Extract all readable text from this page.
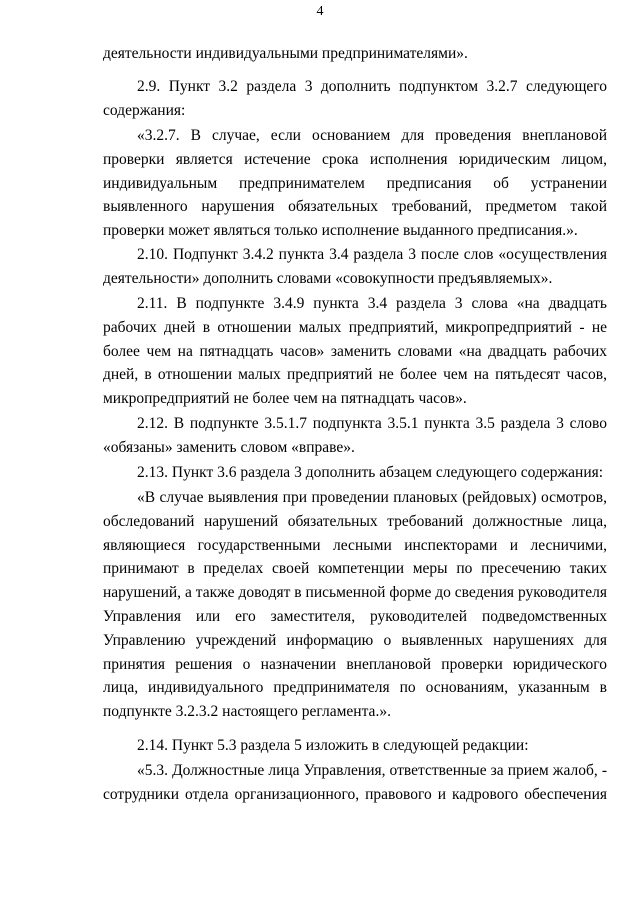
4

деятельности индивидуальными предпринимателями».

2.9. Пункт 3.2 раздела 3 дополнить подпунктом 3.2.7 следующего содержания:

«3.2.7. В случае, если основанием для проведения внеплановой проверки является истечение срока исполнения юридическим лицом, индивидуальным предпринимателем предписания об устранении выявленного нарушения обязательных требований, предметом такой проверки может являться только исполнение выданного предписания.».

2.10. Подпункт 3.4.2 пункта 3.4 раздела 3 после слов «осуществления деятельности» дополнить словами «совокупности предъявляемых».

2.11. В подпункте 3.4.9 пункта 3.4 раздела 3 слова «на двадцать рабочих дней в отношении малых предприятий, микропредприятий - не более чем на пятнадцать часов» заменить словами «на двадцать рабочих дней, в отношении малых предприятий не более чем на пятьдесят часов, микропредприятий не более чем на пятнадцать часов».

2.12. В подпункте 3.5.1.7 подпункта 3.5.1 пункта 3.5 раздела 3 слово «обязаны» заменить словом «вправе».

2.13. Пункт 3.6 раздела 3 дополнить абзацем следующего содержания:

«В случае выявления при проведении плановых (рейдовых) осмотров, обследований нарушений обязательных требований должностные лица, являющиеся государственными лесными инспекторами и лесничими, принимают в пределах своей компетенции меры по пресечению таких нарушений, а также доводят в письменной форме до сведения руководителя Управления или его заместителя, руководителей подведомственных Управлению учреждений информацию о выявленных нарушениях для принятия решения о назначении внеплановой проверки юридического лица, индивидуального предпринимателя по основаниям, указанным в подпункте 3.2.3.2 настоящего регламента.».

2.14. Пункт 5.3 раздела 5 изложить в следующей редакции:

«5.3. Должностные лица Управления, ответственные за прием жалоб, - сотрудники отдела организационного, правового и кадрового обеспечения
